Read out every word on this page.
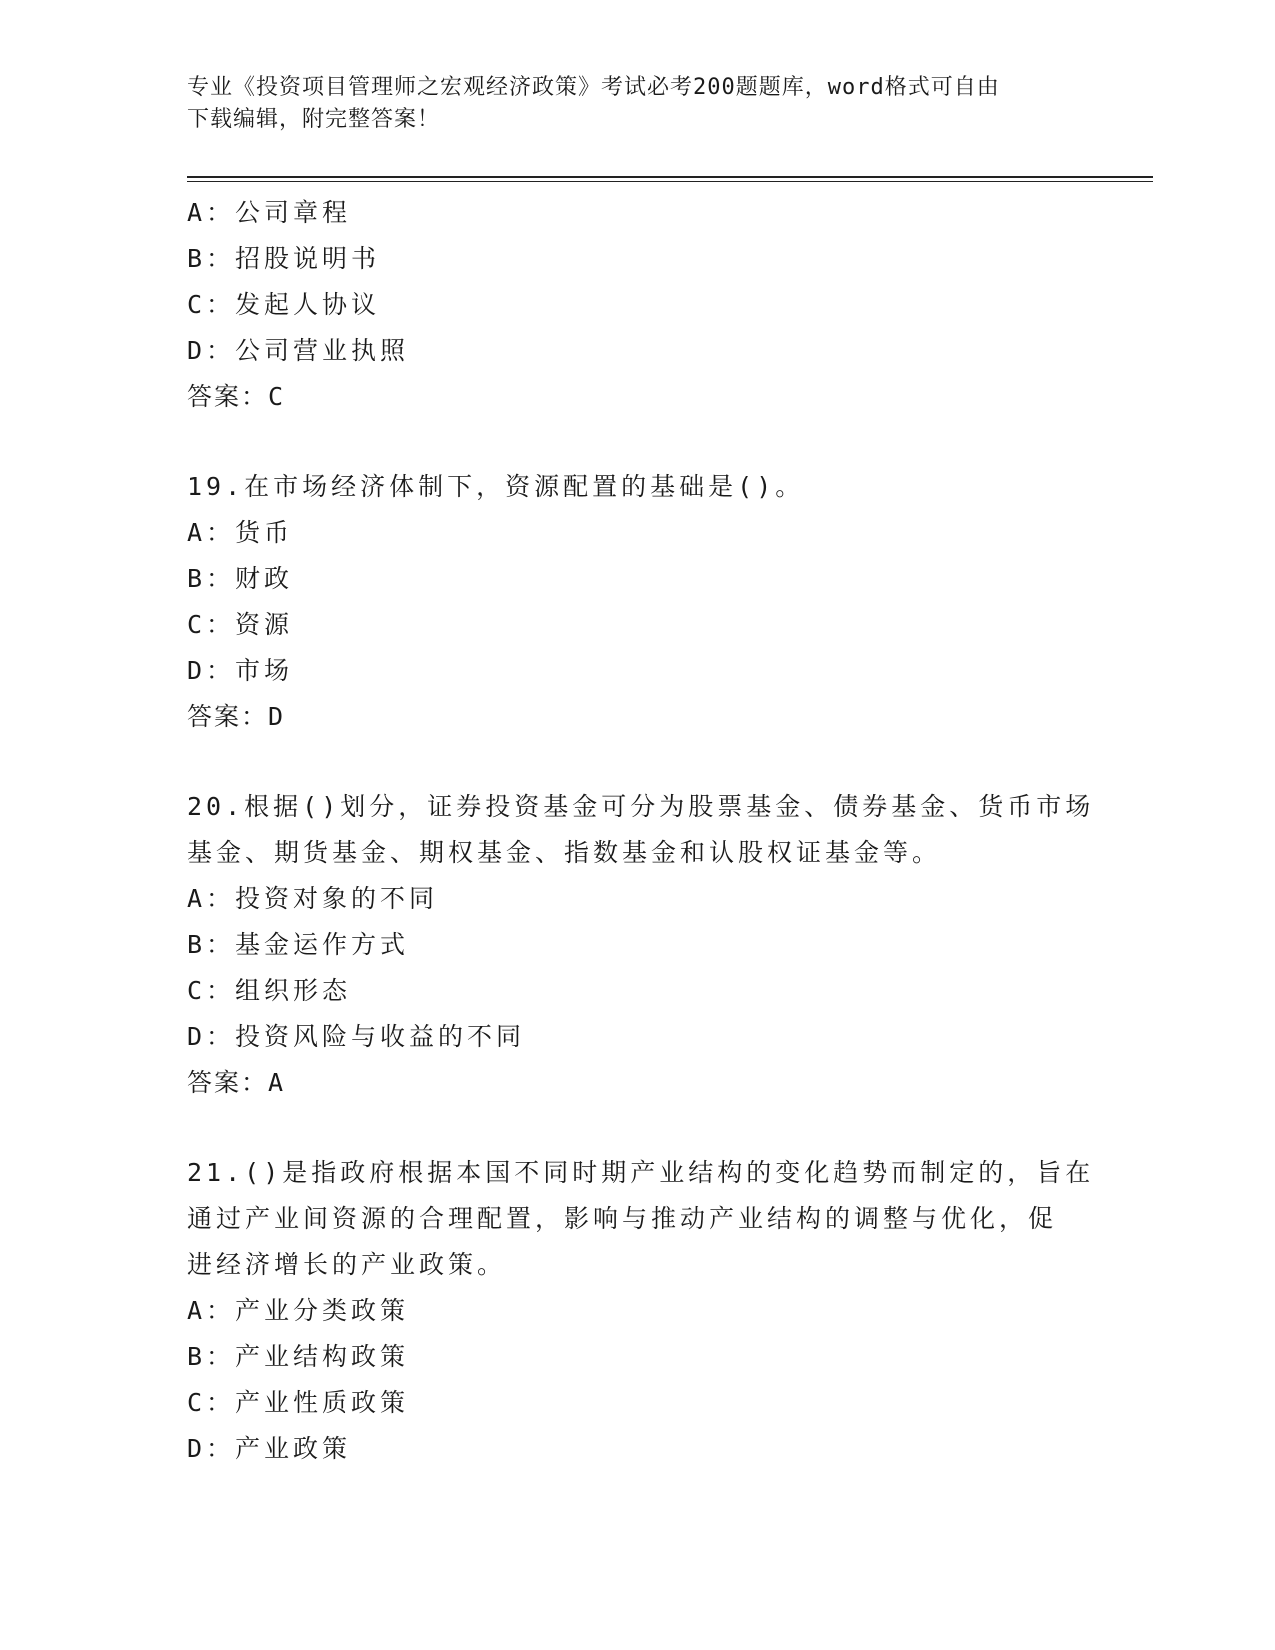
专业《投资项目管理师之宏观经济政策》考试必考200题题库，word格式可自由
下载编辑，附完整答案！
A：公司章程
B：招股说明书
C：发起人协议
D：公司营业执照
答案：C
19.在市场经济体制下，资源配置的基础是()。
A：货币
B：财政
C：资源
D：市场
答案：D
20.根据()划分，证券投资基金可分为股票基金、债券基金、货币市场
基金、期货基金、期权基金、指数基金和认股权证基金等。
A：投资对象的不同
B：基金运作方式
C：组织形态
D：投资风险与收益的不同
答案：A
21.()是指政府根据本国不同时期产业结构的变化趋势而制定的，旨在
通过产业间资源的合理配置，影响与推动产业结构的调整与优化，促
进经济增长的产业政策。
A：产业分类政策
B：产业结构政策
C：产业性质政策
D：产业政策
